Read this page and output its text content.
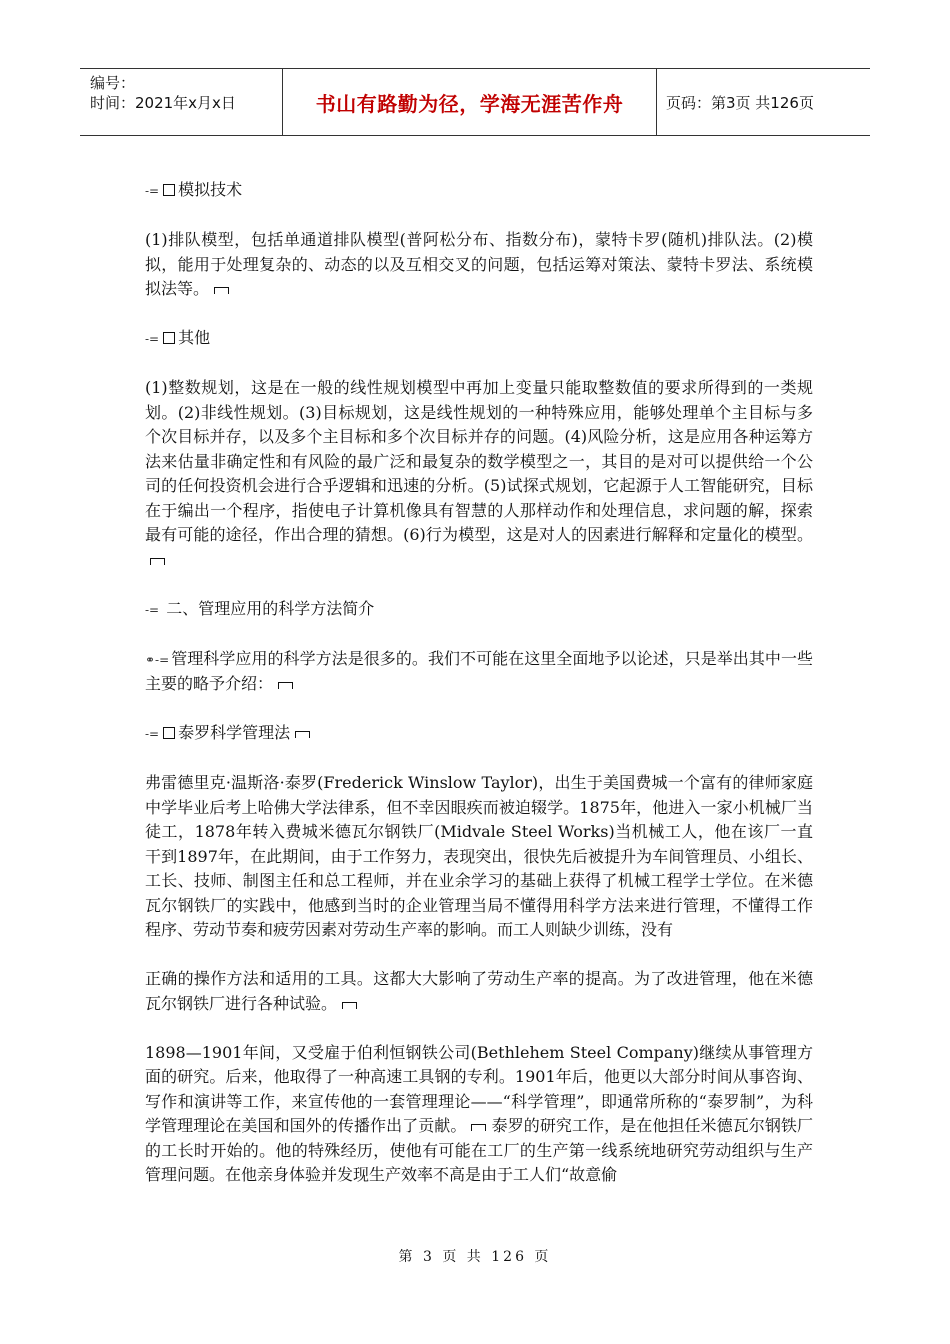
编号：
时间：2021年x月x日	书山有路勤为径，学海无涯苦作舟	页码：第3页 共126页

-= 模拟技术

(1)排队模型，包括单通道排队模型(普阿松分布、指数分布)，蒙特卡罗(随机)排队法。(2)模拟，能用于处理复杂的、动态的以及互相交叉的问题，包括运筹对策法、蒙特卡罗法、系统模拟法等。

-= 其他

(1)整数规划，这是在一般的线性规划模型中再加上变量只能取整数值的要求所得到的一类规划。(2)非线性规划。(3)目标规划，这是线性规划的一种特殊应用，能够处理单个主目标与多个次目标并存，以及多个主目标和多个次目标并存的问题。(4)风险分析，这是应用各种运筹方法来估量非确定性和有风险的最广泛和最复杂的数学模型之一，其目的是对可以提供给一个公司的任何投资机会进行合乎逻辑和迅速的分析。(5)试探式规划，它起源于人工智能研究，目标在于编出一个程序，指使电子计算机像具有智慧的人那样动作和处理信息，求问题的解，探索最有可能的途径，作出合理的猜想。(6)行为模型，这是对人的因素进行解释和定量化的模型。

-= 二、管理应用的科学方法简介

⚭-= 管理科学应用的科学方法是很多的。我们不可能在这里全面地予以论述，只是举出其中一些主要的略予介绍：

-= 泰罗科学管理法

弗雷德里克·温斯洛·泰罗(Frederick Winslow Taylor)，出生于美国费城一个富有的律师家庭中学毕业后考上哈佛大学法律系，但不幸因眼疾而被迫辍学。1875年，他进入一家小机械厂当徒工，1878年转入费城米德瓦尔钢铁厂(Midvale Steel Works)当机械工人，他在该厂一直干到1897年，在此期间，由于工作努力，表现突出，很快先后被提升为车间管理员、小组长、工长、技师、制图主任和总工程师，并在业余学习的基础上获得了机械工程学士学位。在米德瓦尔钢铁厂的实践中，他感到当时的企业管理当局不懂得用科学方法来进行管理，不懂得工作程序、劳动节奏和疲劳因素对劳动生产率的影响。而工人则缺少训练，没有

正确的操作方法和适用的工具。这都大大影响了劳动生产率的提高。为了改进管理，他在米德瓦尔钢铁厂进行各种试验。

1898—1901年间，又受雇于伯利恒钢铁公司(Bethlehem Steel Company)继续从事管理方面的研究。后来，他取得了一种高速工具钢的专利。1901年后，他更以大部分时间从事咨询、写作和演讲等工作，来宣传他的一套管理理论——“科学管理”，即通常所称的“泰罗制”，为科学管理理论在美国和国外的传播作出了贡献。 泰罗的研究工作，是在他担任米德瓦尔钢铁厂的工长时开始的。他的特殊经历，使他有可能在工厂的生产第一线系统地研究劳动组织与生产管理问题。在他亲身体验并发现生产效率不高是由于工人们“故意偷

第 3 页 共 126 页
